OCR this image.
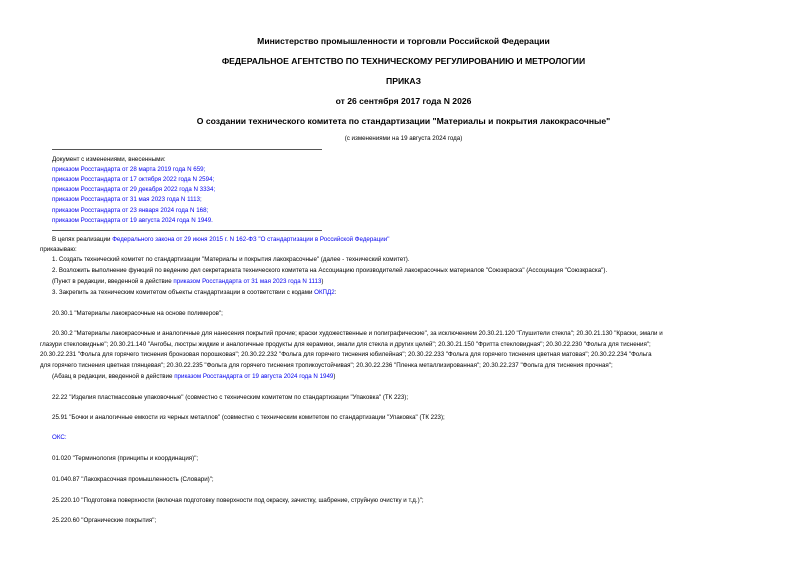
Министерство промышленности и торговли Российской Федерации
ФЕДЕРАЛЬНОЕ АГЕНТСТВО ПО ТЕХНИЧЕСКОМУ РЕГУЛИРОВАНИЮ И МЕТРОЛОГИИ
ПРИКАЗ
от 26 сентября 2017 года N 2026
О создании технического комитета по стандартизации "Материалы и покрытия лакокрасочные"
(с изменениями на 19 августа 2024 года)
Документ с изменениями, внесенными:
приказом Росстандарта от 28 марта 2019 года N 659;
приказом Росстандарта от 17 октября 2022 года N 2594;
приказом Росстандарта от 29 декабря 2022 года N 3334;
приказом Росстандарта от 31 мая 2023 года N 1113;
приказом Росстандарта от 23 января 2024 года N 168;
приказом Росстандарта от 19 августа 2024 года N 1949.
В целях реализации Федерального закона от 29 июня 2015 г. N 162-ФЗ "О стандартизации в Российской Федерации"
приказываю:
1. Создать технический комитет по стандартизации "Материалы и покрытия лакокрасочные" (далее - технический комитет).
2. Возложить выполнение функций по ведению дел секретариата технического комитета на Ассоциацию производителей лакокрасочных материалов "Союзкраска" (Ассоциация "Союзкраска").
(Пункт в редакции, введенной в действие приказом Росстандарта от 31 мая 2023 года N 1113)
3. Закрепить за техническим комитетом объекты стандартизации в соответствии с кодами ОКПД2:
20.30.1 "Материалы лакокрасочные на основе полимеров";
20.30.2 "Материалы лакокрасочные и аналогичные для нанесения покрытий прочие; краски художественные и полиграфические", за исключением 20.30.21.120 "Глушители стекла"; 20.30.21.130 "Краски, эмали и
глазури стекловидные"; 20.30.21.140 "Ангобы, люстры жидкие и аналогичные продукты для керамики, эмали для стекла и других целей"; 20.30.21.150 "Фритта стекловидная"; 20.30.22.230 "Фольга для тиснения";
20.30.22.231 "Фольга для горячего тиснения бронзовая порошковая"; 20.30.22.232 "Фольга для горячего тиснения юбилейная"; 20.30.22.233 "Фольга для горячего тиснения цветная матовая"; 20.30.22.234 "Фольга
для горячего тиснения цветная глянцевая"; 20.30.22.235 "Фольга для горячего тиснения тропикоустойчивая"; 20.30.22.236 "Пленка металлизированная"; 20.30.22.237 "Фольга для тиснения прочная";
(Абзац в редакции, введенной в действие приказом Росстандарта от 19 августа 2024 года N 1949)
22.22 "Изделия пластмассовые упаковочные" (совместно с техническим комитетом по стандартизации "Упаковка" (ТК 223);
25.91 "Бочки и аналогичные емкости из черных металлов" (совместно с техническим комитетом по стандартизации "Упаковка" (ТК 223);
ОКС:
01.020 "Терминология (принципы и координация)";
01.040.87 "Лакокрасочная промышленность (Словари)";
25.220.10 "Подготовка поверхности (включая подготовку поверхности под окраску, зачистку, шабрение, струйную очистку и т.д.)";
25.220.60 "Органические покрытия";
